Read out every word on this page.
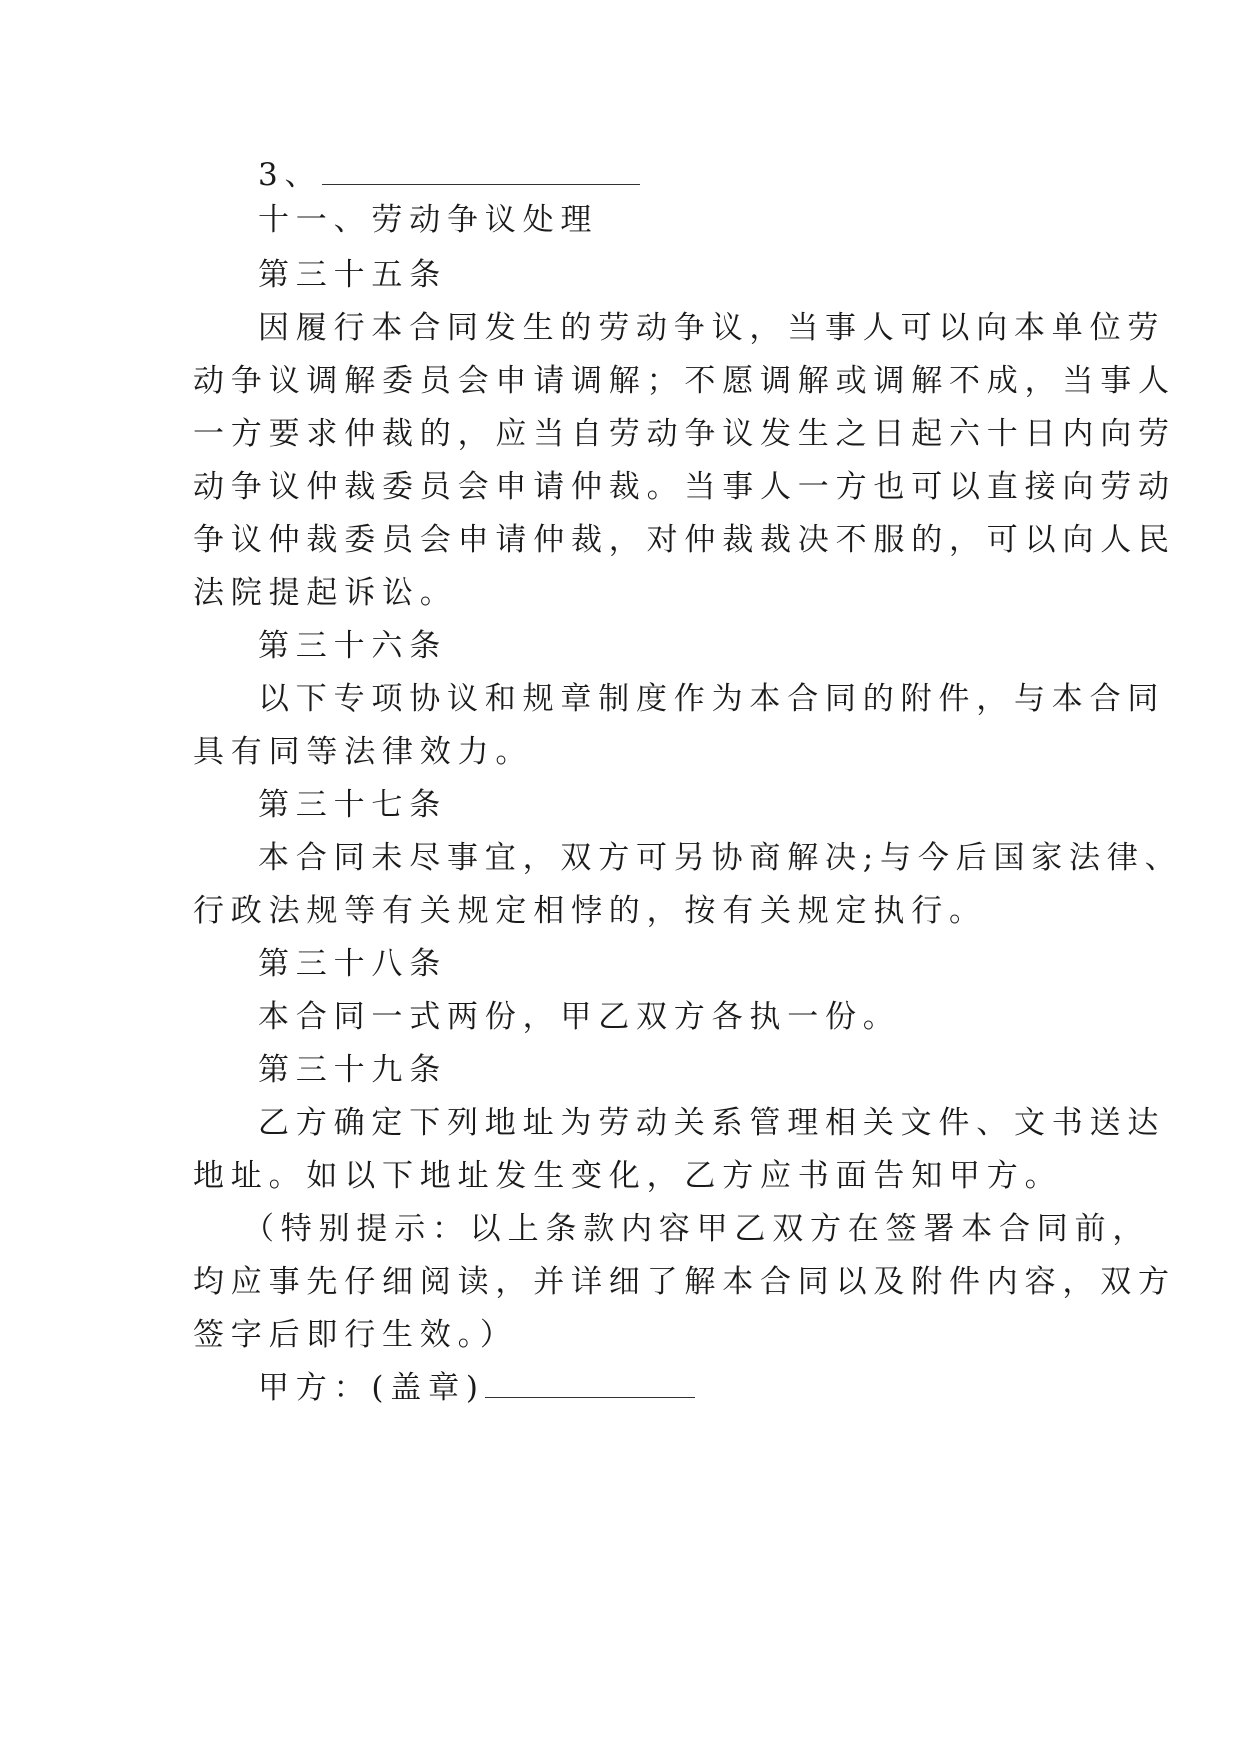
3、
十一、劳动争议处理
第三十五条
因履行本合同发生的劳动争议，当事人可以向本单位劳
动争议调解委员会申请调解；不愿调解或调解不成，当事人
一方要求仲裁的，应当自劳动争议发生之日起六十日内向劳
动争议仲裁委员会申请仲裁。当事人一方也可以直接向劳动
争议仲裁委员会申请仲裁，对仲裁裁决不服的，可以向人民
法院提起诉讼。
第三十六条
以下专项协议和规章制度作为本合同的附件，与本合同
具有同等法律效力。
第三十七条
本合同未尽事宜，双方可另协商解决;与今后国家法律、
行政法规等有关规定相悖的，按有关规定执行。
第三十八条
本合同一式两份，甲乙双方各执一份。
第三十九条
乙方确定下列地址为劳动关系管理相关文件、文书送达
地址。如以下地址发生变化，乙方应书面告知甲方。
（特别提示：以上条款内容甲乙双方在签署本合同前，
均应事先仔细阅读，并详细了解本合同以及附件内容，双方
签字后即行生效。）
甲方：(盖章)
